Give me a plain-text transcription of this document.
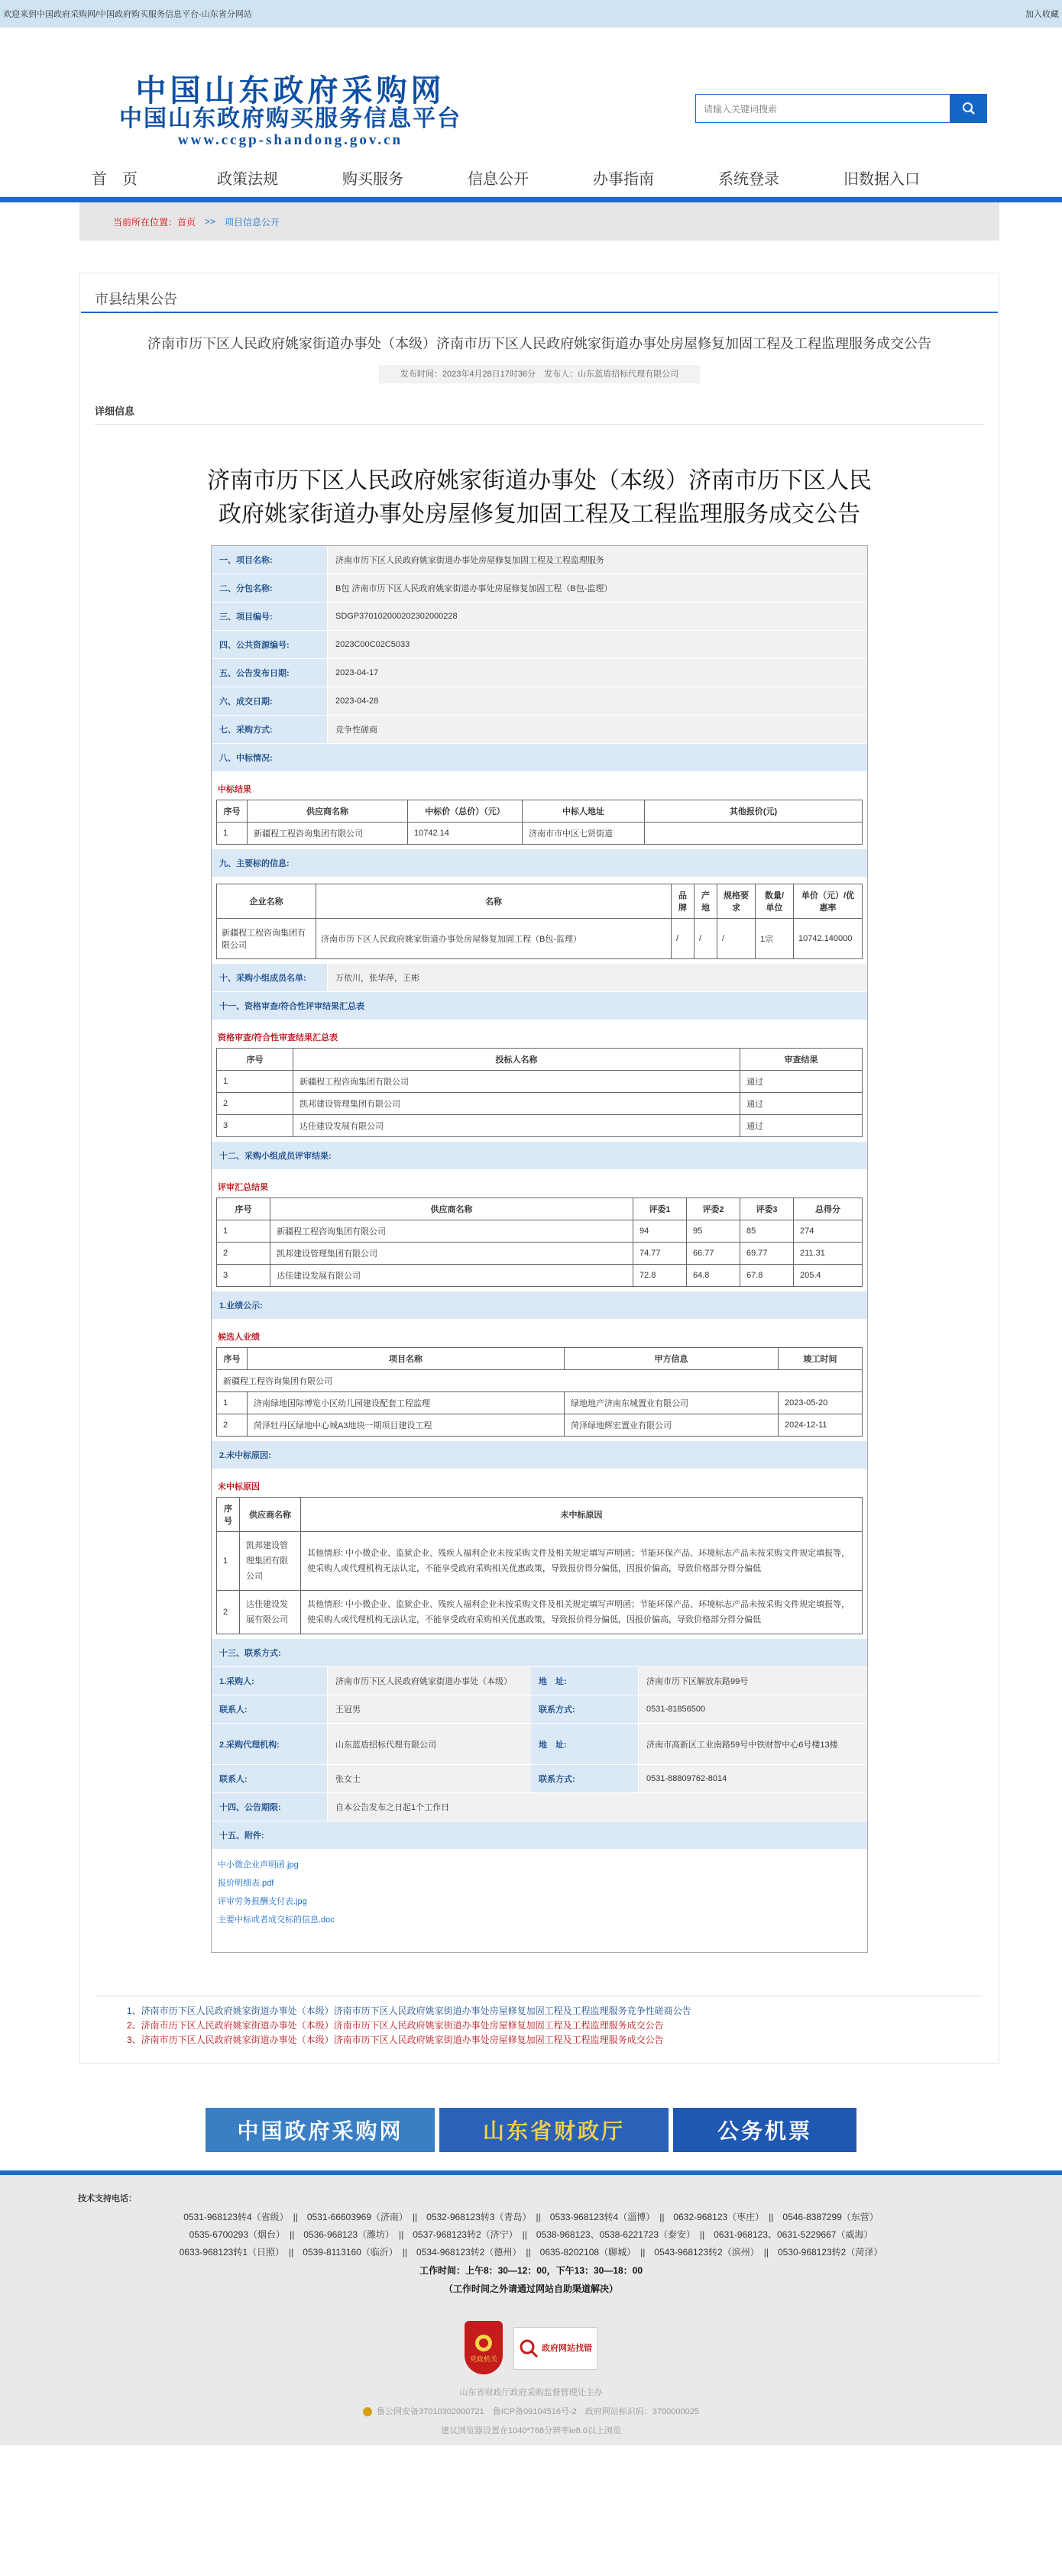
欢迎来到中国政府采购网/中国政府购买服务信息平台-山东省分网站	加入收藏
中国山东政府采购网
中国山东政府购买服务信息平台
www.ccgp-shandong.gov.cn
请输入关键词搜索
首　页	政策法规	购买服务	信息公开	办事指南	系统登录	旧数据入口
当前所在位置：首页 >> 项目信息公开
市县结果公告
济南市历下区人民政府姚家街道办事处（本级）济南市历下区人民政府姚家街道办事处房屋修复加固工程及工程监理服务成交公告
发布时间：2023年4月28日17时36分　发布人：山东蓝盾招标代理有限公司
详细信息
济南市历下区人民政府姚家街道办事处（本级）济南市历下区人民
政府姚家街道办事处房屋修复加固工程及工程监理服务成交公告
一、项目名称:	济南市历下区人民政府姚家街道办事处房屋修复加固工程及工程监理服务
二、分包名称:	B包 济南市历下区人民政府姚家街道办事处房屋修复加固工程（B包-监理）
三、项目编号:	SDGP370102000202302000228
四、公共资源编号:	2023C00C02C5033
五、公告发布日期:	2023-04-17
六、成交日期:	2023-04-28
七、采购方式:	竞争性磋商
八、中标情况:
中标结果
序号	供应商名称	中标价（总价）（元）	中标人地址	其他报价(元)
1	新疆程工程咨询集团有限公司	10742.14	济南市市中区七贤街道	
九、主要标的信息:
企业名称	名称	品牌	产地	规格要求	数量/单位	单价（元）/优惠率
新疆程工程咨询集团有限公司	济南市历下区人民政府姚家街道办事处房屋修复加固工程（B包-监理）	/	/	/	1宗	10742.140000
十、采购小组成员名单:	万依川，张华萍，王彬
十一、资格审查/符合性评审结果汇总表
资格审查/符合性审查结果汇总表
序号	投标人名称	审查结果
1	新疆程工程咨询集团有限公司	通过
2	凯邦建设管理集团有限公司	通过
3	达佳建设发展有限公司	通过
十二、采购小组成员评审结果:
评审汇总结果
序号	供应商名称	评委1	评委2	评委3	总得分
1	新疆程工程咨询集团有限公司	94	95	85	274
2	凯邦建设管理集团有限公司	74.77	66.77	69.77	211.31
3	达佳建设发展有限公司	72.8	64.8	67.8	205.4
1.业绩公示:
候选人业绩
序号	项目名称	甲方信息	竣工时间
新疆程工程咨询集团有限公司			
1	济南绿地国际博览小区幼儿园建设配套工程监理	绿地地产济南东城置业有限公司	2023-05-20
2	菏泽牡丹区绿地中心城A3地块一期项目建设工程	菏泽绿地辉宏置业有限公司	2024-12-11
2.未中标原因:
未中标原因
序号	供应商名称	未中标原因
1	凯邦建设管理集团有限公司	其他情形: 中小微企业、监狱企业、残疾人福利企业未按采购文件及相关规定填写声明函；节能环保产品、环境标志产品未按采购文件规定填报等，使采购人或代理机构无法认定，不能享受政府采购相关优惠政策，导致报价得分偏低，因报价偏高，导致价格部分得分偏低
2	达佳建设发展有限公司	其他情形: 中小微企业、监狱企业、残疾人福利企业未按采购文件及相关规定填写声明函；节能环保产品、环境标志产品未按采购文件规定填报等，使采购人或代理机构无法认定，不能享受政府采购相关优惠政策，导致报价得分偏低，因报价偏高，导致价格部分得分偏低
十三、联系方式:
1.采购人:	济南市历下区人民政府姚家街道办事处（本级）	地　址:	济南市历下区解放东路99号
联系人:	王冠男	联系方式:	0531-81856500
2.采购代理机构:	山东蓝盾招标代理有限公司	地　址:	济南市高新区工业南路59号中铁财智中心6号楼13楼
联系人:	张女士	联系方式:	0531-88809762-8014
十四、公告期限:	自本公告发布之日起1个工作日
十五、附件:
中小微企业声明函.jpg
报价明细表.pdf
评审劳务报酬支付表.jpg
主要中标或者成交标的信息.doc
1、济南市历下区人民政府姚家街道办事处（本级）济南市历下区人民政府姚家街道办事处房屋修复加固工程及工程监理服务竞争性磋商公告
2、济南市历下区人民政府姚家街道办事处（本级）济南市历下区人民政府姚家街道办事处房屋修复加固工程及工程监理服务成交公告
3、济南市历下区人民政府姚家街道办事处（本级）济南市历下区人民政府姚家街道办事处房屋修复加固工程及工程监理服务成交公告
中国政府采购网	山东省财政厅	公务机票
技术支持电话：
0531-968123转4（省级）　||　0531-66603969（济南）　||　0532-968123转3（青岛）　||　0533-968123转4（淄博）　||　0632-968123（枣庄）　||　0546-8387299（东营）
0535-6700293（烟台）　||　0536-968123（潍坊）　||　0537-968123转2（济宁）　||　0538-968123、0538-6221723（泰安）　||　0631-968123、0631-5229667（威海）
0633-968123转1（日照）　||　0539-8113160（临沂）　||　0534-968123转2（德州）　||　0635-8202108（聊城）　||　0543-968123转2（滨州）　||　0530-968123转2（菏泽）
工作时间：上午8：30—12：00，下午13：30—18：00
（工作时间之外请通过网站自助渠道解决）
党政机关
政府网站找错
山东省财政厅政府采购监督管理处主办
鲁公网安备37010302000721　鲁ICP备09104516号-2　政府网站标识码：3700000025
建议浏览器设置在1040*768分辨率ie8.0以上浏览
